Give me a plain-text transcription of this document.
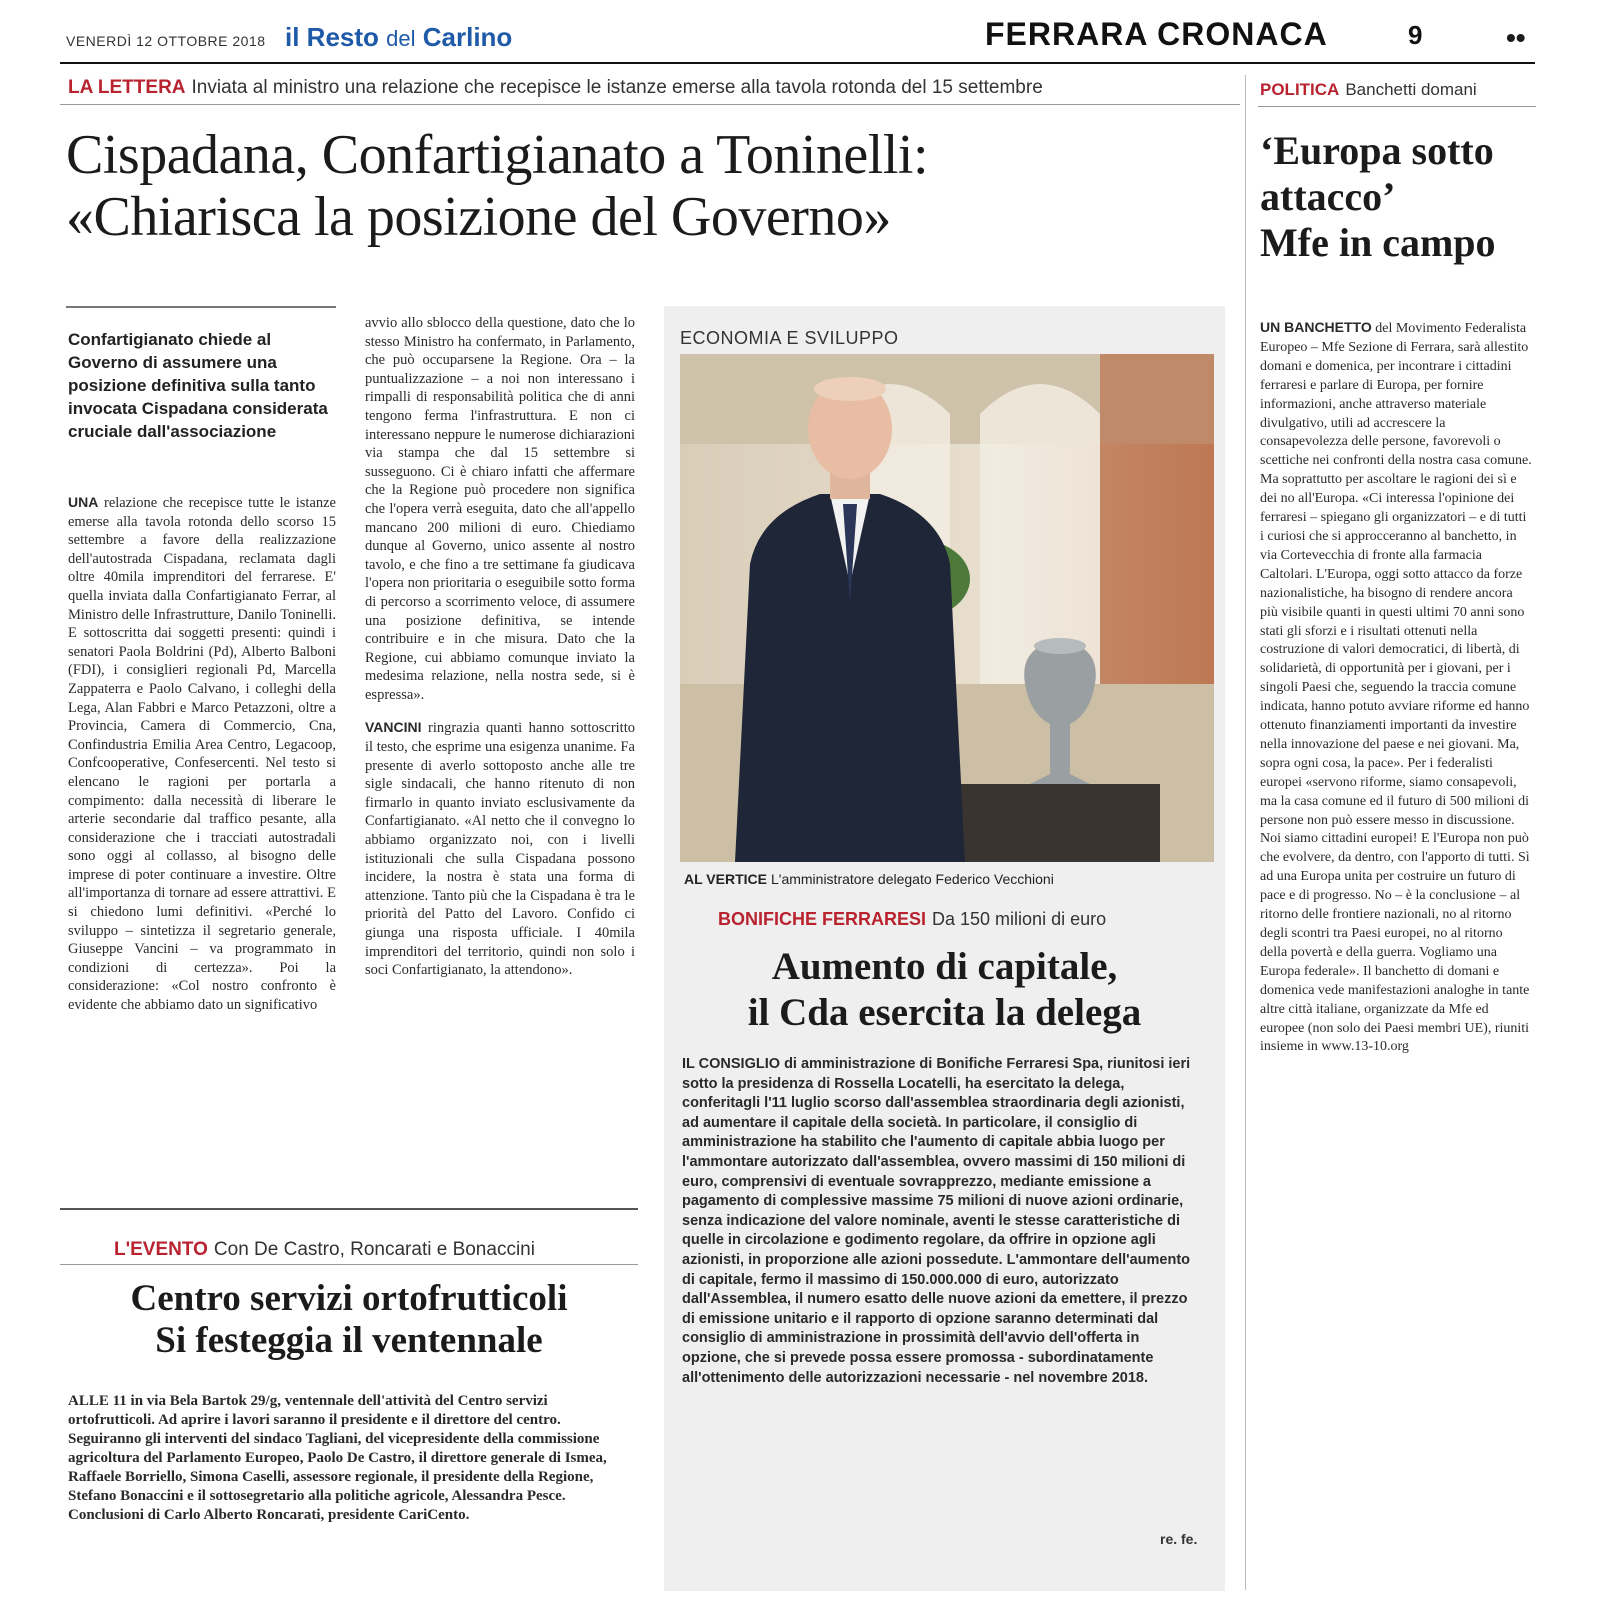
VENERDÌ 12 OTTOBRE 2018 il Resto del Carlino	FERRARA CRONACA	9	••
LA LETTERA Inviata al ministro una relazione che recepisce le istanze emerse alla tavola rotonda del 15 settembre
Cispadana, Confartigianato a Toninelli:
«Chiarisca la posizione del Governo»
Confartigianato chiede al Governo di assumere una posizione definitiva sulla tanto invocata Cispadana considerata cruciale dall'associazione
UNA relazione che recepisce tutte le istanze emerse alla tavola rotonda dello scorso 15 settembre a favore della realizzazione dell'autostrada Cispadana, reclamata dagli oltre 40mila imprenditori del ferrarese. E' quella inviata dalla Confartigianato Ferrar, al Ministro delle Infrastrutture, Danilo Toninelli. E sottoscritta dai soggetti presenti: quindi i senatori Paola Boldrini (Pd), Alberto Balboni (FDI), i consiglieri regionali Pd, Marcella Zappaterra e Paolo Calvano, i colleghi della Lega, Alan Fabbri e Marco Petazzoni, oltre a Provincia, Camera di Commercio, Cna, Confindustria Emilia Area Centro, Legacoop, Confcooperative, Confesercenti. Nel testo si elencano le ragioni per portarla a compimento: dalla necessità di liberare le arterie secondarie dal traffico pesante, alla considerazione che i tracciati autostradali sono oggi al collasso, al bisogno delle imprese di poter continuare a investire. Oltre all'importanza di tornare ad essere attrattivi. E si chiedono lumi definitivi. «Perché lo sviluppo – sintetizza il segretario generale, Giuseppe Vancini – va programmato in condizioni di certezza». Poi la considerazione: «Col nostro confronto è evidente che abbiamo dato un significativo
avvio allo sblocco della questione, dato che lo stesso Ministro ha confermato, in Parlamento, che può occuparsene la Regione. Ora – la puntualizzazione – a noi non interessano i rimpalli di responsabilità politica che di anni tengono ferma l'infrastruttura. E non ci interessano neppure le numerose dichiarazioni via stampa che dal 15 settembre si susseguono. Ci è chiaro infatti che affermare che la Regione può procedere non significa che l'opera verrà eseguita, dato che all'appello mancano 200 milioni di euro. Chiediamo dunque al Governo, unico assente al nostro tavolo, e che fino a tre settimane fa giudicava l'opera non prioritaria o eseguibile sotto forma di percorso a scorrimento veloce, di assumere una posizione definitiva, se intende contribuire e in che misura. Dato che la Regione, cui abbiamo comunque inviato la medesima relazione, nella nostra sede, si è espressa».
VANCINI ringrazia quanti hanno sottoscritto il testo, che esprime una esigenza unanime. Fa presente di averlo sottoposto anche alle tre sigle sindacali, che hanno ritenuto di non firmarlo in quanto inviato esclusivamente da Confartigianato. «Al netto che il convegno lo abbiamo organizzato noi, con i livelli istituzionali che sulla Cispadana possono incidere, la nostra è stata una forma di attenzione. Tanto più che la Cispadana è tra le priorità del Patto del Lavoro. Confido ci giunga una risposta ufficiale. I 40mila imprenditori del territorio, quindi non solo i soci Confartigianato, la attendono».
ECONOMIA E SVILUPPO
AL VERTICE L'amministratore delegato Federico Vecchioni
BONIFICHE FERRARESI Da 150 milioni di euro
Aumento di capitale,
il Cda esercita la delega
IL CONSIGLIO di amministrazione di Bonifiche Ferraresi Spa, riunitosi ieri sotto la presidenza di Rossella Locatelli, ha esercitato la delega, conferitagli l'11 luglio scorso dall'assemblea straordinaria degli azionisti, ad aumentare il capitale della società. In particolare, il consiglio di amministrazione ha stabilito che l'aumento di capitale abbia luogo per l'ammontare autorizzato dall'assemblea, ovvero massimi di 150 milioni di euro, comprensivi di eventuale sovrapprezzo, mediante emissione a pagamento di complessive massime 75 milioni di nuove azioni ordinarie, senza indicazione del valore nominale, aventi le stesse caratteristiche di quelle in circolazione e godimento regolare, da offrire in opzione agli azionisti, in proporzione alle azioni possedute. L'ammontare dell'aumento di capitale, fermo il massimo di 150.000.000 di euro, autorizzato dall'Assemblea, il numero esatto delle nuove azioni da emettere, il prezzo di emissione unitario e il rapporto di opzione saranno determinati dal consiglio di amministrazione in prossimità dell'avvio dell'offerta in opzione, che si prevede possa essere promossa - subordinatamente all'ottenimento delle autorizzazioni necessarie - nel novembre 2018.
re. fe.
L'EVENTO Con De Castro, Roncarati e Bonaccini
Centro servizi ortofrutticoli
Si festeggia il ventennale
ALLE 11 in via Bela Bartok 29/g, ventennale dell'attività del Centro servizi ortofrutticoli. Ad aprire i lavori saranno il presidente e il direttore del centro. Seguiranno gli interventi del sindaco Tagliani, del vicepresidente della commissione agricoltura del Parlamento Europeo, Paolo De Castro, il direttore generale di Ismea, Raffaele Borriello, Simona Caselli, assessore regionale, il presidente della Regione, Stefano Bonaccini e il sottosegretario alla politiche agricole, Alessandra Pesce. Conclusioni di Carlo Alberto Roncarati, presidente CariCento.
POLITICA Banchetti domani
‘Europa sotto
attacco’
Mfe in campo
UN BANCHETTO del Movimento Federalista Europeo – Mfe Sezione di Ferrara, sarà allestito domani e domenica, per incontrare i cittadini ferraresi e parlare di Europa, per fornire informazioni, anche attraverso materiale divulgativo, utili ad accrescere la consapevolezza delle persone, favorevoli o scettiche nei confronti della nostra casa comune. Ma soprattutto per ascoltare le ragioni dei sì e dei no all'Europa. «Ci interessa l'opinione dei ferraresi – spiegano gli organizzatori – e di tutti i curiosi che si approcceranno al banchetto, in via Cortevecchia di fronte alla farmacia Caltolari. L'Europa, oggi sotto attacco da forze nazionalistiche, ha bisogno di rendere ancora più visibile quanti in questi ultimi 70 anni sono stati gli sforzi e i risultati ottenuti nella costruzione di valori democratici, di libertà, di solidarietà, di opportunità per i giovani, per i singoli Paesi che, seguendo la traccia comune indicata, hanno potuto avviare riforme ed hanno ottenuto finanziamenti importanti da investire nella innovazione del paese e nei giovani. Ma, sopra ogni cosa, la pace». Per i federalisti europei «servono riforme, siamo consapevoli, ma la casa comune ed il futuro di 500 milioni di persone non può essere messo in discussione. Noi siamo cittadini europei! E l'Europa non può che evolvere, da dentro, con l'apporto di tutti. Sì ad una Europa unita per costruire un futuro di pace e di progresso. No – è la conclusione – al ritorno delle frontiere nazionali, no al ritorno degli scontri tra Paesi europei, no al ritorno della povertà e della guerra. Vogliamo una Europa federale». Il banchetto di domani e domenica vede manifestazioni analoghe in tante altre città italiane, organizzate da Mfe ed europee (non solo dei Paesi membri UE), riuniti insieme in www.13-10.org
